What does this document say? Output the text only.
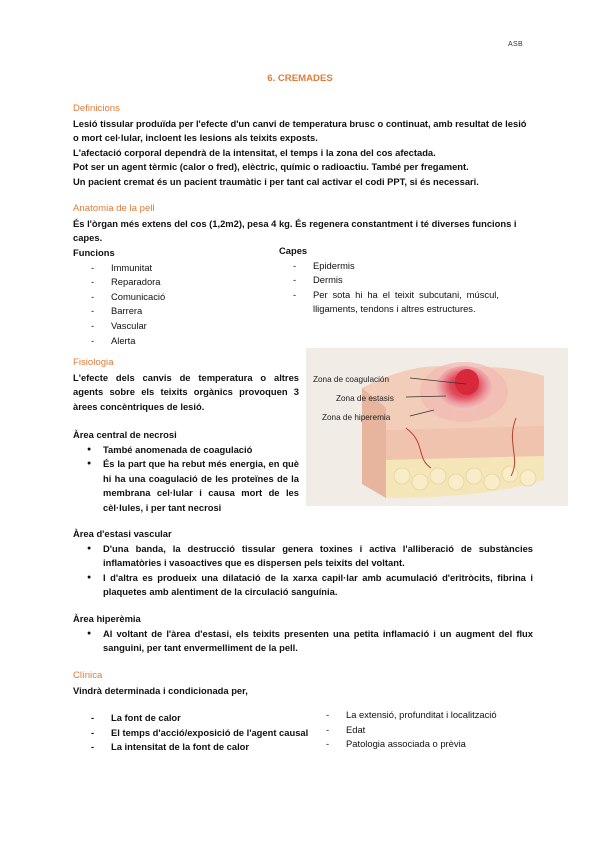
ASB
6. CREMADES

Definicions

Lesió tissular produïda per l'efecte d'un canvi de temperatura brusc o continuat, amb resultat de lesió o mort cel·lular, incloent les lesions als teixits exposts.

L'afectació corporal dependrà de la intensitat, el temps i la zona del cos afectada.

Pot ser un agent tèrmic (calor o fred), elèctric, químic o radioactiu. També per fregament.

Un pacient cremat és un pacient traumàtic i per tant cal activar el codi PPT, si és necessari.

Anatomia de la pell

És l'òrgan més extens del cos (1,2m2), pesa 4 kg. És regenera constantment i té diverses funcions i capes.

Funcions

- Immunitat
- Reparadora
- Comunicació
- Barrera
- Vascular
- Alerta

Capes

- Epidermis
- Dermis
- Per sota hi ha el teixit subcutani, múscul, lligaments, tendons i altres estructures.

Fisiologia

L'efecte dels canvis de temperatura o altres agents sobre els teixits orgànics provoquen 3 àrees concèntriques de lesió.

Àrea central de necrosi

● També anomenada de coagulació
● És la part que ha rebut més energia, en què hi ha una coagulació de les proteïnes de la membrana cel·lular i causa mort de les cèl·lules, i per tant necrosi
Zona de coagulación
Zona de estasis
Zona de hiperemia

Àrea d'estasi vascular

● D'una banda, la destrucció tissular genera toxines i activa l'alliberació de substàncies inflamatòries i vasoactives que es dispersen pels teixits del voltant.
● I d'altra es produeix una dilatació de la xarxa capil·lar amb acumulació d'eritròcits, fibrina i plaquetes amb alentiment de la circulació sanguínia.

Àrea hiperèmia

● Al voltant de l'àrea d'estasi, els teixits presenten una petita inflamació i un augment del flux sanguini, per tant envermelliment de la pell.

Clínica

Vindrà determinada i condicionada per,

- La font de calor
- El temps d'acció/exposició de l'agent causal
- La intensitat de la font de calor
- La extensió, profunditat i localització
- Edat
- Patologia associada o prèvia
